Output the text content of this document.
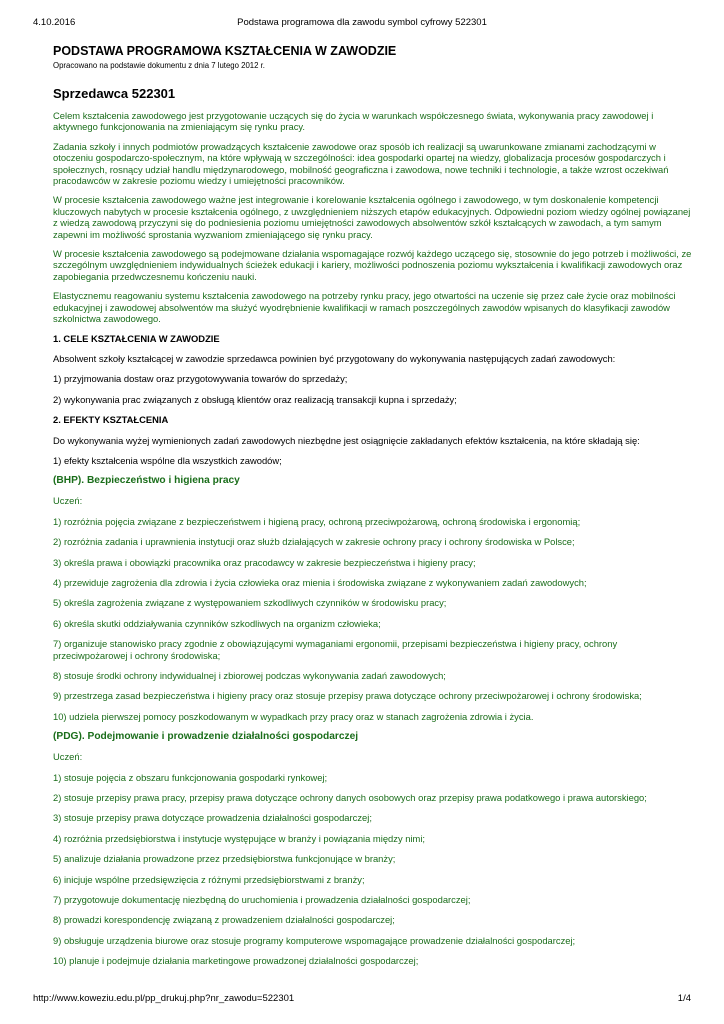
4.10.2016	Podstawa programowa dla zawodu symbol cyfrowy 522301

PODSTAWA PROGRAMOWA KSZTAŁCENIA W ZAWODZIE

Opracowano na podstawie dokumentu z dnia 7 lutego 2012 r.

Sprzedawca 522301

Celem kształcenia zawodowego jest przygotowanie uczących się do życia w warunkach współczesnego świata, wykonywania pracy zawodowej i aktywnego funkcjonowania na zmieniającym się rynku pracy.

Zadania szkoły i innych podmiotów prowadzących kształcenie zawodowe oraz sposób ich realizacji są uwarunkowane zmianami zachodzącymi w otoczeniu gospodarczo-społecznym, na które wpływają w szczególności: idea gospodarki opartej na wiedzy, globalizacja procesów gospodarczych i społecznych, rosnący udział handlu międzynarodowego, mobilność geograficzna i zawodowa, nowe techniki i technologie, a także wzrost oczekiwań pracodawców w zakresie poziomu wiedzy i umiejętności pracowników.

W procesie kształcenia zawodowego ważne jest integrowanie i korelowanie kształcenia ogólnego i zawodowego, w tym doskonalenie kompetencji kluczowych nabytych w procesie kształcenia ogólnego, z uwzględnieniem niższych etapów edukacyjnych. Odpowiedni poziom wiedzy ogólnej powiązanej z wiedzą zawodową przyczyni się do podniesienia poziomu umiejętności zawodowych absolwentów szkół kształcących w zawodach, a tym samym zapewni im możliwość sprostania wyzwaniom zmieniającego się rynku pracy.

W procesie kształcenia zawodowego są podejmowane działania wspomagające rozwój każdego uczącego się, stosownie do jego potrzeb i możliwości, ze szczególnym uwzględnieniem indywidualnych ścieżek edukacji i kariery, możliwości podnoszenia poziomu wykształcenia i kwalifikacji zawodowych oraz zapobiegania przedwczesnemu kończeniu nauki.

Elastycznemu reagowaniu systemu kształcenia zawodowego na potrzeby rynku pracy, jego otwartości na uczenie się przez całe życie oraz mobilności edukacyjnej i zawodowej absolwentów ma służyć wyodrębnienie kwalifikacji w ramach poszczególnych zawodów wpisanych do klasyfikacji zawodów szkolnictwa zawodowego.

1. CELE KSZTAŁCENIA W ZAWODZIE

Absolwent szkoły kształcącej w zawodzie sprzedawca powinien być przygotowany do wykonywania następujących zadań zawodowych:

1) przyjmowania dostaw oraz przygotowywania towarów do sprzedaży;

2) wykonywania prac związanych z obsługą klientów oraz realizacją transakcji kupna i sprzedaży;

2. EFEKTY KSZTAŁCENIA

Do wykonywania wyżej wymienionych zadań zawodowych niezbędne jest osiągnięcie zakładanych efektów kształcenia, na które składają się:

1) efekty kształcenia wspólne dla wszystkich zawodów;

(BHP). Bezpieczeństwo i higiena pracy

Uczeń:

1) rozróżnia pojęcia związane z bezpieczeństwem i higieną pracy, ochroną przeciwpożarową, ochroną środowiska i ergonomią;

2) rozróżnia zadania i uprawnienia instytucji oraz służb działających w zakresie ochrony pracy i ochrony środowiska w Polsce;

3) określa prawa i obowiązki pracownika oraz pracodawcy w zakresie bezpieczeństwa i higieny pracy;

4) przewiduje zagrożenia dla zdrowia i życia człowieka oraz mienia i środowiska związane z wykonywaniem zadań zawodowych;

5) określa zagrożenia związane z występowaniem szkodliwych czynników w środowisku pracy;

6) określa skutki oddziaływania czynników szkodliwych na organizm człowieka;

7) organizuje stanowisko pracy zgodnie z obowiązującymi wymaganiami ergonomii, przepisami bezpieczeństwa i higieny pracy, ochrony przeciwpożarowej i ochrony środowiska;

8) stosuje środki ochrony indywidualnej i zbiorowej podczas wykonywania zadań zawodowych;

9) przestrzega zasad bezpieczeństwa i higieny pracy oraz stosuje przepisy prawa dotyczące ochrony przeciwpożarowej i ochrony środowiska;

10) udziela pierwszej pomocy poszkodowanym w wypadkach przy pracy oraz w stanach zagrożenia zdrowia i życia.

(PDG). Podejmowanie i prowadzenie działalności gospodarczej

Uczeń:

1) stosuje pojęcia z obszaru funkcjonowania gospodarki rynkowej;

2) stosuje przepisy prawa pracy, przepisy prawa dotyczące ochrony danych osobowych oraz przepisy prawa podatkowego i prawa autorskiego;

3) stosuje przepisy prawa dotyczące prowadzenia działalności gospodarczej;

4) rozróżnia przedsiębiorstwa i instytucje występujące w branży i powiązania między nimi;

5) analizuje działania prowadzone przez przedsiębiorstwa funkcjonujące w branży;

6) inicjuje wspólne przedsięwzięcia z różnymi przedsiębiorstwami z branży;

7) przygotowuje dokumentację niezbędną do uruchomienia i prowadzenia działalności gospodarczej;

8) prowadzi korespondencję związaną z prowadzeniem działalności gospodarczej;

9) obsługuje urządzenia biurowe oraz stosuje programy komputerowe wspomagające prowadzenie działalności gospodarczej;

10) planuje i podejmuje działania marketingowe prowadzonej działalności gospodarczej;

http://www.koweziu.edu.pl/pp_drukuj.php?nr_zawodu=522301	1/4
